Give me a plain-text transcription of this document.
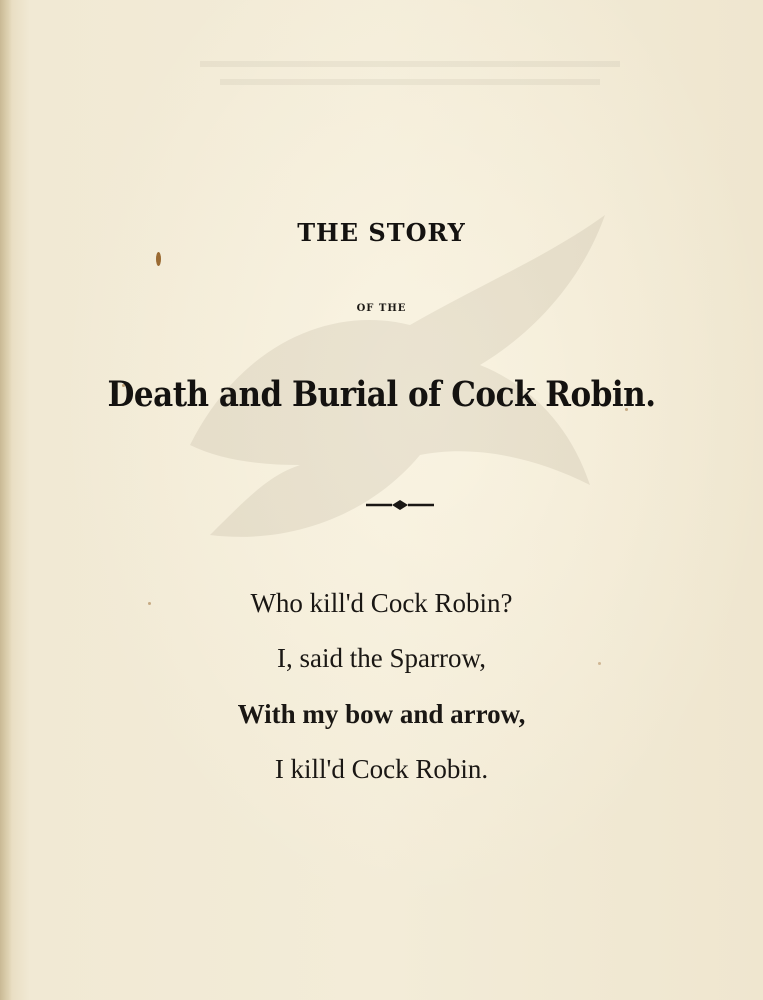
THE STORY
OF THE
Death and Burial of Cock Robin.
Who kill'd Cock Robin?
I, said the Sparrow,
With my bow and arrow,
I kill'd Cock Robin.
